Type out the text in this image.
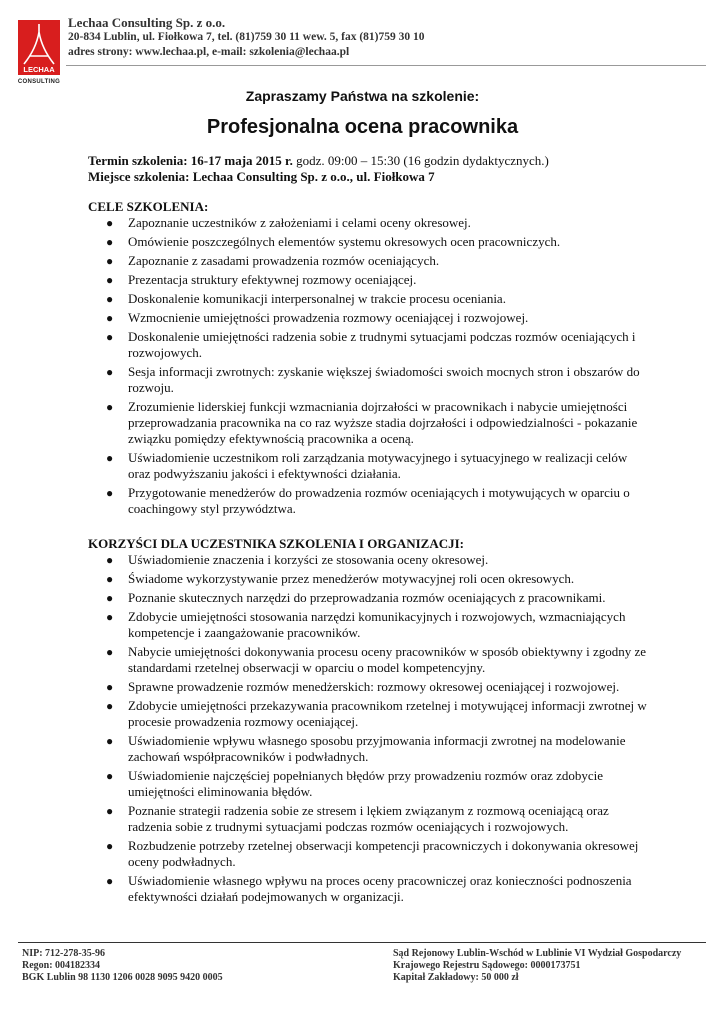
LECHAA
CONSULTING
Lechaa Consulting Sp. z o.o.
20-834 Lublin, ul. Fiołkowa 7, tel. (81)759 30 11 wew. 5, fax (81)759 30 10
adres strony: www.lechaa.pl, e-mail: szkolenia@lechaa.pl
Zapraszamy Państwa na szkolenie:
Profesjonalna ocena pracownika
Termin szkolenia: 16-17 maja 2015 r. godz. 09:00 – 15:30 (16 godzin dydaktycznych.)
Miejsce szkolenia: Lechaa Consulting Sp. z o.o., ul. Fiołkowa 7
CELE SZKOLENIA:
● Zapoznanie uczestników z założeniami i celami oceny okresowej.
● Omówienie poszczególnych elementów systemu okresowych ocen pracowniczych.
● Zapoznanie z zasadami prowadzenia rozmów oceniających.
● Prezentacja struktury efektywnej rozmowy oceniającej.
● Doskonalenie komunikacji interpersonalnej w trakcie procesu oceniania.
● Wzmocnienie umiejętności prowadzenia rozmowy oceniającej i rozwojowej.
● Doskonalenie umiejętności radzenia sobie z trudnymi sytuacjami podczas rozmów oceniających i rozwojowych.
● Sesja informacji zwrotnych: zyskanie większej świadomości swoich mocnych stron i obszarów do rozwoju.
● Zrozumienie liderskiej funkcji wzmacniania dojrzałości w pracownikach i nabycie umiejętności przeprowadzania pracownika na co raz wyższe stadia dojrzałości i odpowiedzialności - pokazanie związku pomiędzy efektywnością pracownika a oceną.
● Uświadomienie uczestnikom roli zarządzania motywacyjnego i sytuacyjnego w realizacji celów oraz podwyższaniu jakości i efektywności działania.
● Przygotowanie menedżerów do prowadzenia rozmów oceniających i motywujących w oparciu o coachingowy styl przywództwa.
KORZYŚCI DLA UCZESTNIKA SZKOLENIA I ORGANIZACJI:
● Uświadomienie znaczenia i korzyści ze stosowania oceny okresowej.
● Świadome wykorzystywanie przez menedżerów motywacyjnej roli ocen okresowych.
● Poznanie skutecznych narzędzi do przeprowadzania rozmów oceniających z pracownikami.
● Zdobycie umiejętności stosowania narzędzi komunikacyjnych i rozwojowych, wzmacniających kompetencje i zaangażowanie pracowników.
● Nabycie umiejętności dokonywania procesu oceny pracowników w sposób obiektywny i zgodny ze standardami rzetelnej obserwacji w oparciu o model kompetencyjny.
● Sprawne prowadzenie rozmów menedżerskich: rozmowy okresowej oceniającej i rozwojowej.
● Zdobycie umiejętności przekazywania pracownikom rzetelnej i motywującej informacji zwrotnej w procesie prowadzenia rozmowy oceniającej.
● Uświadomienie wpływu własnego sposobu przyjmowania informacji zwrotnej na modelowanie zachowań współpracowników i podwładnych.
● Uświadomienie najczęściej popełnianych błędów przy prowadzeniu rozmów oraz zdobycie umiejętności eliminowania błędów.
● Poznanie strategii radzenia sobie ze stresem i lękiem związanym z rozmową oceniającą oraz radzenia sobie z trudnymi sytuacjami podczas rozmów oceniających i rozwojowych.
● Rozbudzenie potrzeby rzetelnej obserwacji kompetencji pracowniczych i dokonywania okresowej oceny podwładnych.
● Uświadomienie własnego wpływu na proces oceny pracowniczej oraz konieczności podnoszenia efektywności działań podejmowanych w organizacji.
NIP: 712-278-35-96
Regon: 004182334
BGK Lublin 98 1130 1206 0028 9095 9420 0005
Sąd Rejonowy Lublin-Wschód w Lublinie VI Wydział Gospodarczy
Krajowego Rejestru Sądowego: 0000173751
Kapitał Zakładowy: 50 000 zł
